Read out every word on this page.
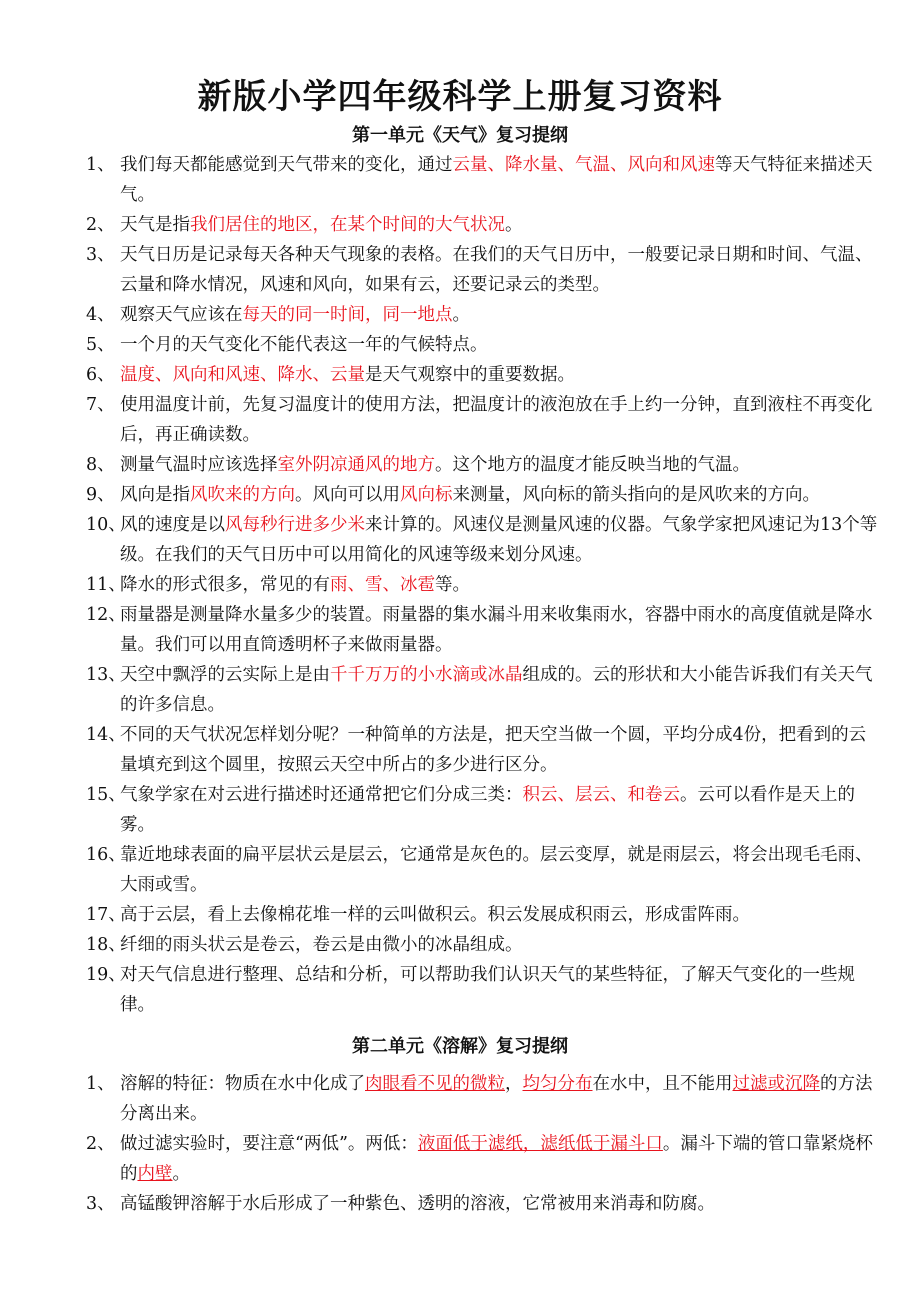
新版小学四年级科学上册复习资料
第一单元《天气》复习提纲
1、 我们每天都能感觉到天气带来的变化，通过云量、降水量、气温、风向和风速等天气特征来描述天气。
2、 天气是指我们居住的地区，在某个时间的大气状况。
3、 天气日历是记录每天各种天气现象的表格。在我们的天气日历中，一般要记录日期和时间、气温、云量和降水情况，风速和风向，如果有云，还要记录云的类型。
4、 观察天气应该在每天的同一时间，同一地点。
5、 一个月的天气变化不能代表这一年的气候特点。
6、 温度、风向和风速、降水、云量是天气观察中的重要数据。
7、 使用温度计前，先复习温度计的使用方法，把温度计的液泡放在手上约一分钟，直到液柱不再变化后，再正确读数。
8、 测量气温时应该选择室外阴凉通风的地方。这个地方的温度才能反映当地的气温。
9、 风向是指风吹来的方向。风向可以用风向标来测量，风向标的箭头指向的是风吹来的方向。
10、
风的速度是以风每秒行进多少米来计算的。风速仪是测量风速的仪器。气象学家把风速记为13个等级。在我们的天气日历中可以用简化的风速等级来划分风速。
11、
降水的形式很多，常见的有雨、雪、冰雹等。
12、
雨量器是测量降水量多少的装置。雨量器的集水漏斗用来收集雨水，容器中雨水的高度值就是降水量。我们可以用直筒透明杯子来做雨量器。
13、
天空中飘浮的云实际上是由千千万万的小水滴或冰晶组成的。云的形状和大小能告诉我们有关天气的许多信息。
14、
不同的天气状况怎样划分呢？一种简单的方法是，把天空当做一个圆，平均分成4份，把看到的云量填充到这个圆里，按照云天空中所占的多少进行区分。
15、
气象学家在对云进行描述时还通常把它们分成三类：积云、层云、和卷云。云可以看作是天上的雾。
16、
靠近地球表面的扁平层状云是层云，它通常是灰色的。层云变厚，就是雨层云，将会出现毛毛雨、大雨或雪。
17、
高于云层，看上去像棉花堆一样的云叫做积云。积云发展成积雨云，形成雷阵雨。
18、
纤细的雨头状云是卷云，卷云是由微小的冰晶组成。
19、
对天气信息进行整理、总结和分析，可以帮助我们认识天气的某些特征，了解天气变化的一些规律。
第二单元《溶解》复习提纲
1、 溶解的特征：物质在水中化成了肉眼看不见的微粒，均匀分布在水中，且不能用过滤或沉降的方法分离出来。
2、 做过滤实验时，要注意“两低”。两低：液面低于滤纸，滤纸低于漏斗口。漏斗下端的管口靠紧烧杯的内壁。
3、 高锰酸钾溶解于水后形成了一种紫色、透明的溶液，它常被用来消毒和防腐。
